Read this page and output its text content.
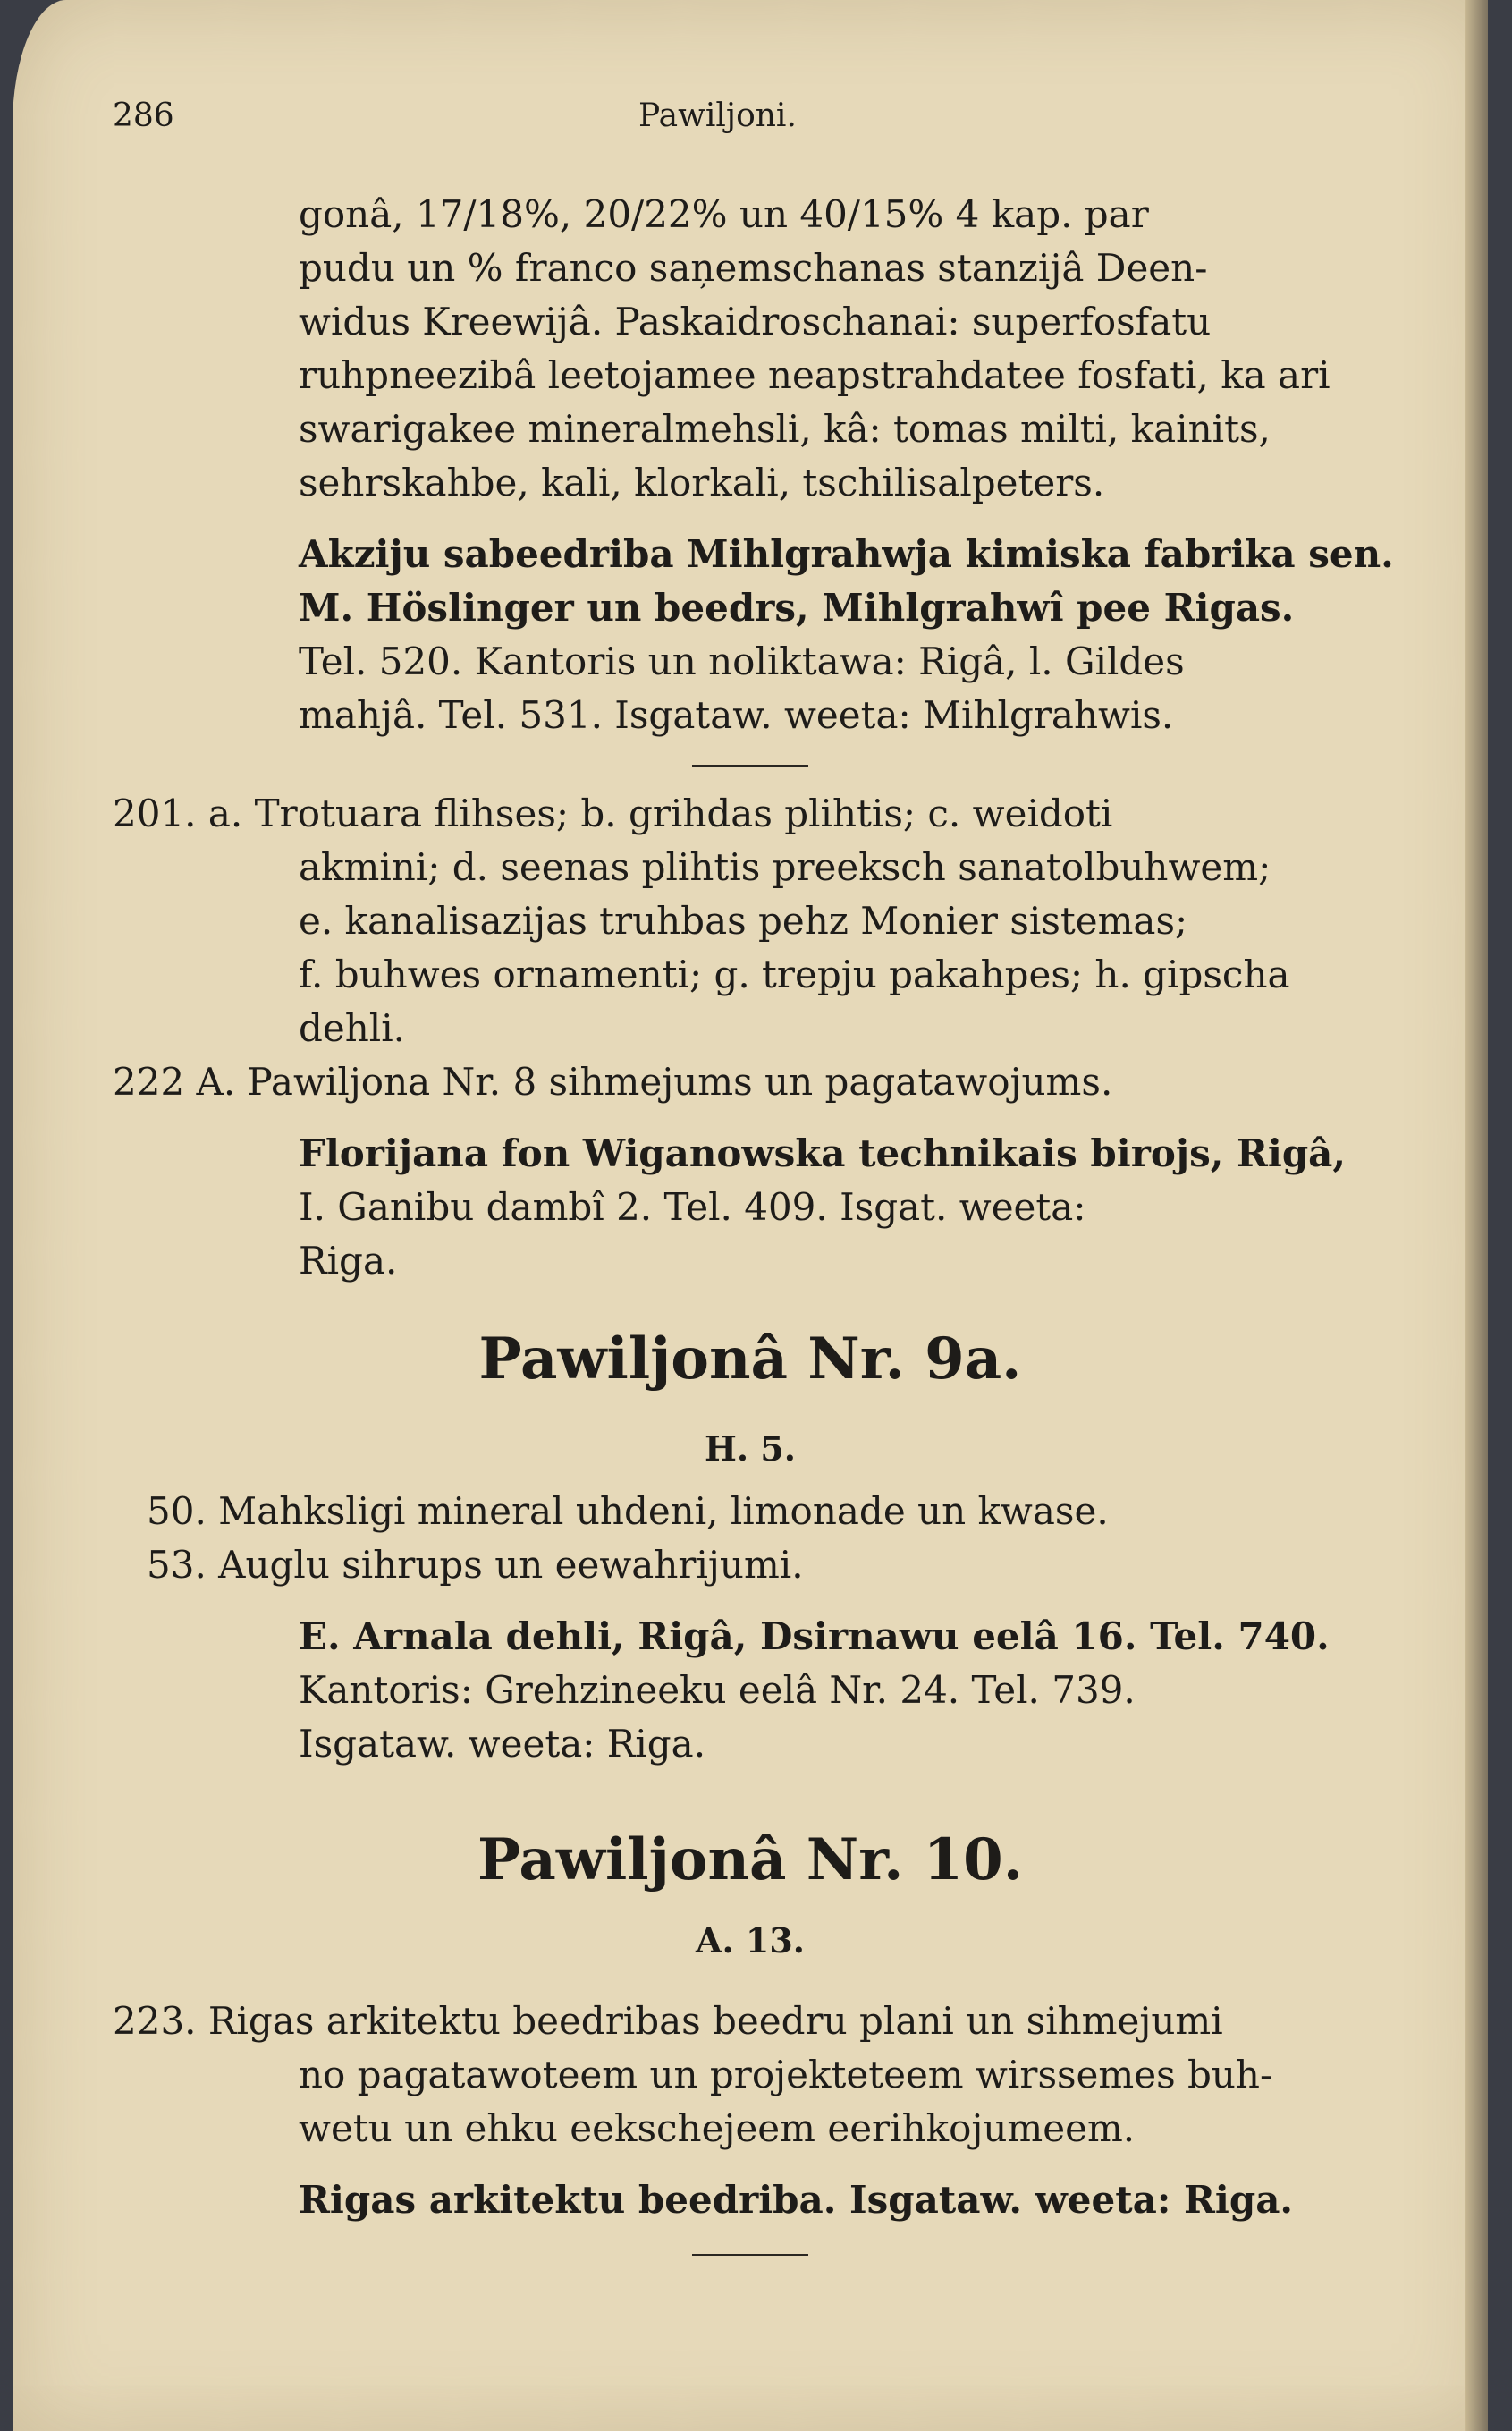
286	Pawiljoni.
gonâ, 17/18%, 20/22% un 40/15% 4 kap. par
pudu un % franco saņemschanas stanzijâ Deen-
widus Kreewijâ. Paskaidroschanai: superfosfatu
ruhpneezibâ leetojamee neapstrahdatee fosfati, ka ari
swarigakee mineralmehsli, kâ: tomas milti, kainits,
sehrskahbe, kali, klorkali, tschilisalpeters.
Akziju sabeedriba Mihlgrahwja kimiska fabrika sen.
M. Höslinger un beedrs, Mihlgrahwî pee Rigas.
Tel. 520. Kantoris un noliktawa: Rigâ, l. Gildes
mahjâ. Tel. 531. Isgataw. weeta: Mihlgrahwis.
201. a. Trotuara flihses; b. grihdas plihtis; c. weidoti
akmini; d. seenas plihtis preeksch sanatolbuhwem;
e. kanalisazijas truhbas pehz Monier sistemas;
f. buhwes ornamenti; g. trepju pakahpes; h. gipscha
dehli.
222 A. Pawiljona Nr. 8 sihmejums un pagatawojums.
Florijana fon Wiganowska technikais birojs, Rigâ,
I. Ganibu dambî 2. Tel. 409. Isgat. weeta:
Riga.
Pawiljonâ Nr. 9a.
H. 5.
50. Mahksligi mineral uhdeni, limonade un kwase.
53. Auglu sihrups un eewahrijumi.
E. Arnala dehli, Rigâ, Dsirnawu eelâ 16. Tel. 740.
Kantoris: Grehzineeku eelâ Nr. 24. Tel. 739.
Isgataw. weeta: Riga.
Pawiljonâ Nr. 10.
A. 13.
223. Rigas arkitektu beedribas beedru plani un sihmejumi
no pagatawoteem un projekteteem wirssemes buh-
wetu un ehku eekschejeem eerihkojumeem.
Rigas arkitektu beedriba. Isgataw. weeta: Riga.
